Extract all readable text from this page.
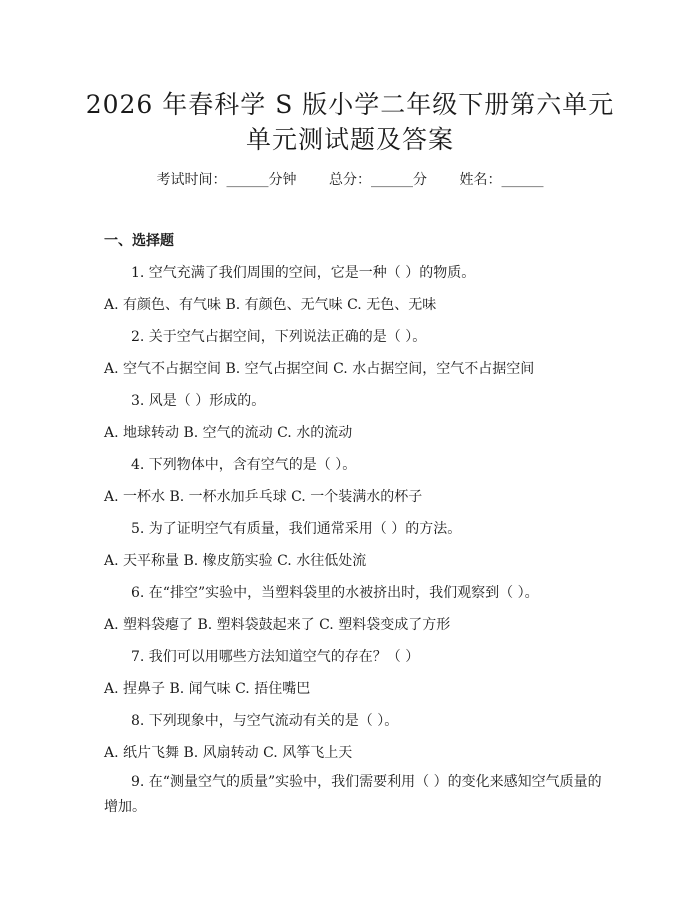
2026 年春科学 S 版小学二年级下册第六单元
单元测试题及答案
考试时间：______分钟 总分：______分 姓名：______
一、选择题
1. 空气充满了我们周围的空间，它是一种（ ）的物质。
A. 有颜色、有气味 B. 有颜色、无气味 C. 无色、无味
2. 关于空气占据空间，下列说法正确的是（ ）。
A. 空气不占据空间 B. 空气占据空间 C. 水占据空间，空气不占据空间
3. 风是（ ）形成的。
A. 地球转动 B. 空气的流动 C. 水的流动
4. 下列物体中，含有空气的是（ ）。
A. 一杯水 B. 一杯水加乒乓球 C. 一个装满水的杯子
5. 为了证明空气有质量，我们通常采用（ ）的方法。
A. 天平称量 B. 橡皮筋实验 C. 水往低处流
6. 在“排空”实验中，当塑料袋里的水被挤出时，我们观察到（ ）。
A. 塑料袋瘪了 B. 塑料袋鼓起来了 C. 塑料袋变成了方形
7. 我们可以用哪些方法知道空气的存在？（ ）
A. 捏鼻子 B. 闻气味 C. 捂住嘴巴
8. 下列现象中，与空气流动有关的是（ ）。
A. 纸片飞舞 B. 风扇转动 C. 风筝飞上天
9. 在“测量空气的质量”实验中，我们需要利用（ ）的变化来感知空气质量的增加。
